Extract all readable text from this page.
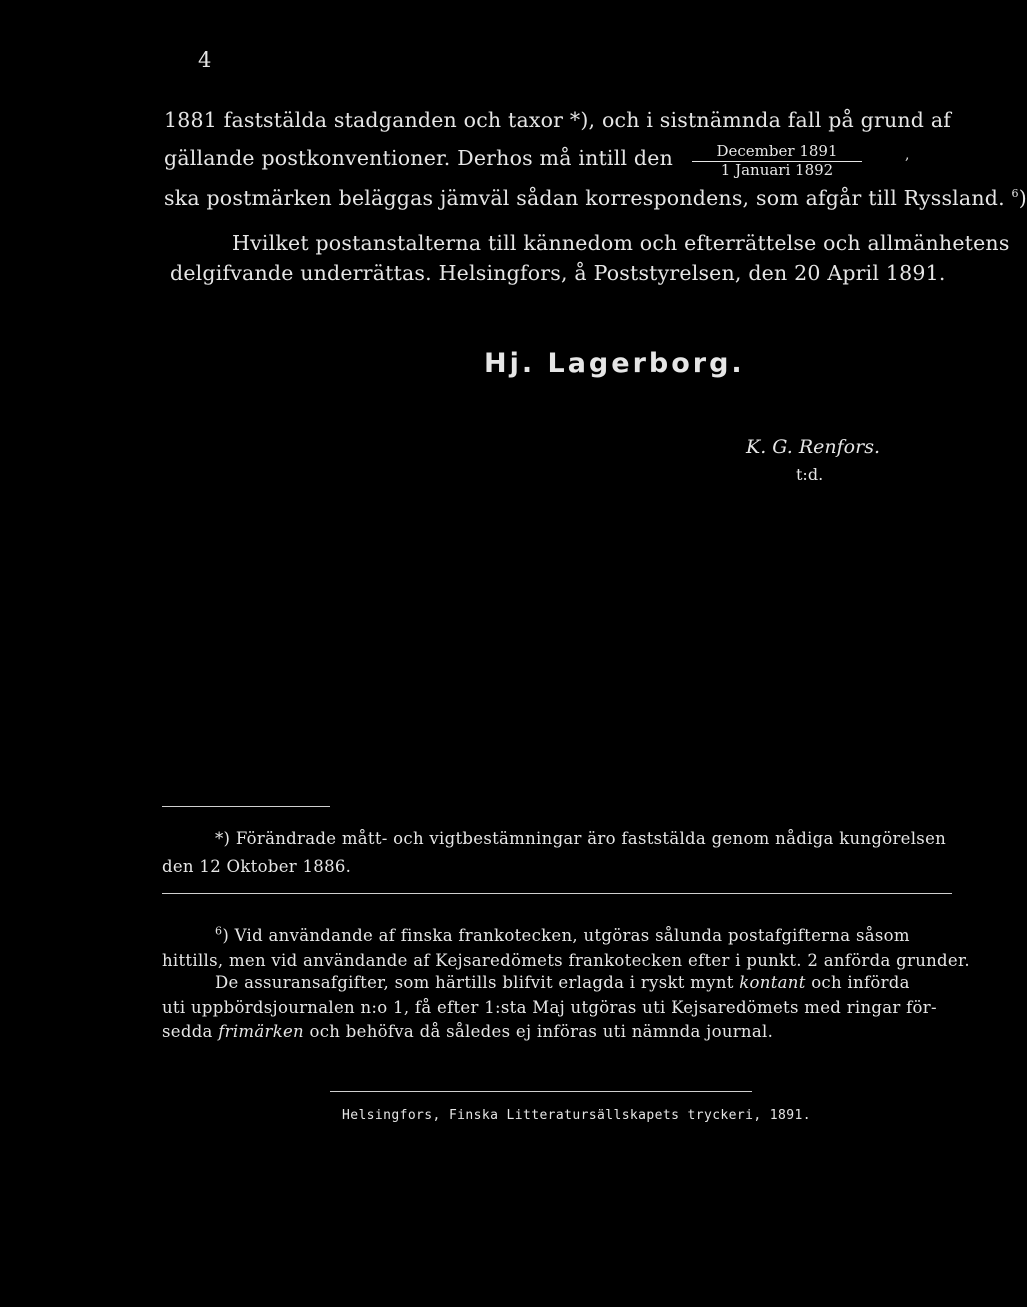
4
1881 faststälda stadganden och taxor *), och i sistnämnda fall på grund af
gällande postkonventioner. Derhos må intill den	December 1891
1 Januari 1892
,
ska postmärken beläggas jämväl sådan korrespondens, som afgår till Ryssland. $^6$)
Hvilket postanstalterna till kännedom och efterrättelse och allmänhetens
delgifvande underrättas. Helsingfors, å Poststyrelsen, den 20 April 1891.
Hj. Lagerborg.
K. G. Renfors.
t:d.
*) Förändrade mått- och vigtbestämningar äro faststälda genom nådiga kungörelsen
den 12 Oktober 1886.
$^6$) Vid användande af finska frankotecken, utgöras sålunda postafgifterna såsom
hittills, men vid användande af Kejsaredömets frankotecken efter i punkt. 2 anförda grunder.
De assuransafgifter, som härtills blifvit erlagda i ryskt mynt kontant och införda
uti uppbördsjournalen n:o 1, få efter 1:sta Maj utgöras uti Kejsaredömets med ringar för-
sedda frimärken och behöfva då således ej införas uti nämnda journal.
Helsingfors, Finska Litteratursällskapets tryckeri, 1891.
